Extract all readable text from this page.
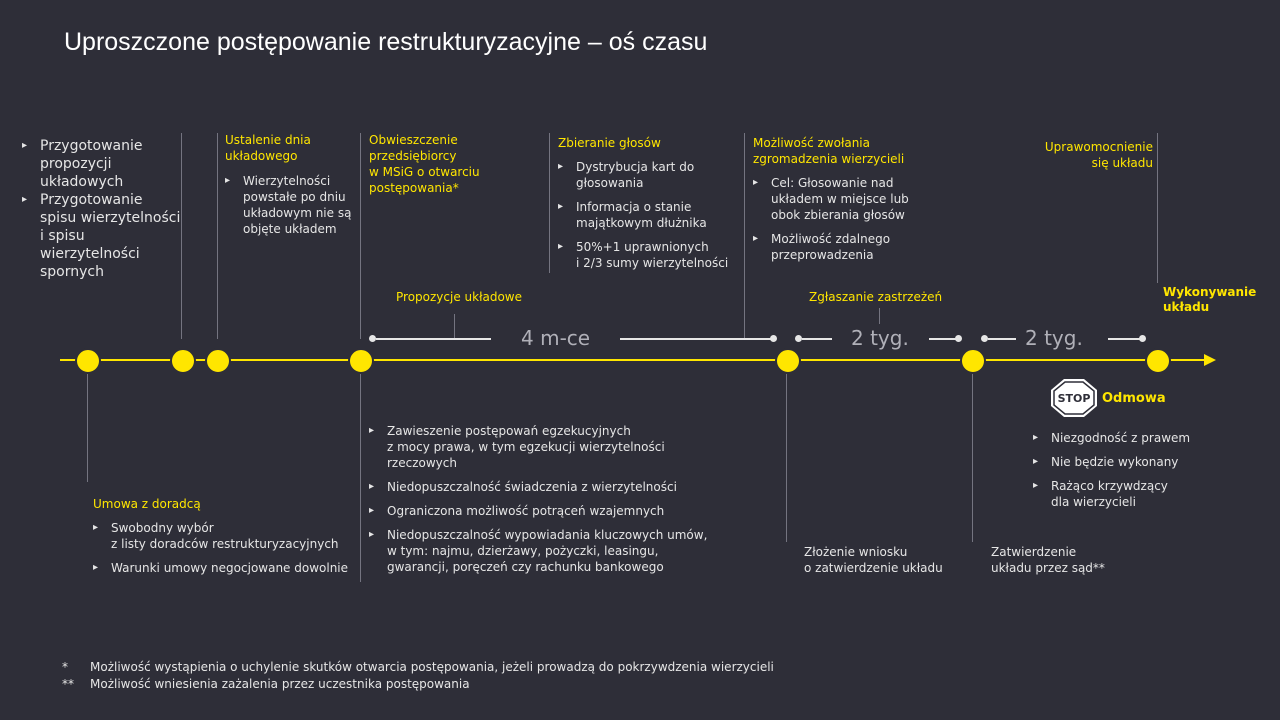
Uproszczone postępowanie restrukturyzacyjne – oś czasu
▸ Przygotowanie
propozycji
układowych
▸ Przygotowanie
spisu wierzytelności
i spisu
wierzytelności
spornych
Ustalenie dnia
układowego
▸ Wierzytelności
powstałe po dniu
układowym nie są
objęte układem
Obwieszczenie
przedsiębiorcy
w MSiG o otwarciu
postępowania*
Zbieranie głosów
▸ Dystrybucja kart do
głosowania
▸ Informacja o stanie
majątkowym dłużnika
▸ 50%+1 uprawnionych
i 2/3 sumy wierzytelności
Możliwość zwołania
zgromadzenia wierzycieli
▸ Cel: Głosowanie nad
układem w miejsce lub
obok zbierania głosów
▸ Możliwość zdalnego
przeprowadzenia
Uprawomocnienie
się układu
Propozycje układowe	Zgłaszanie zastrzeżeń	Wykonywanie
układu
4 m-ce	2 tyg.	2 tyg.
Umowa z doradcą
▸ Swobodny wybór
z listy doradców restrukturyzacyjnych
▸ Warunki umowy negocjowane dowolnie
▸ Zawieszenie postępowań egzekucyjnych
z mocy prawa, w tym egzekucji wierzytelności
rzeczowych
▸ Niedopuszczalność świadczenia z wierzytelności
▸ Ograniczona możliwość potrąceń wzajemnych
▸ Niedopuszczalność wypowiadania kluczowych umów,
w tym: najmu, dzierżawy, pożyczki, leasingu,
gwarancji, poręczeń czy rachunku bankowego
Złożenie wniosku
o zatwierdzenie układu
Zatwierdzenie
układu przez sąd**
STOP Odmowa
▸ Niezgodność z prawem
▸ Nie będzie wykonany
▸ Rażąco krzywdzący
dla wierzycieli
* Możliwość wystąpienia o uchylenie skutków otwarcia postępowania, jeżeli prowadzą do pokrzywdzenia wierzycieli
** Możliwość wniesienia zażalenia przez uczestnika postępowania
